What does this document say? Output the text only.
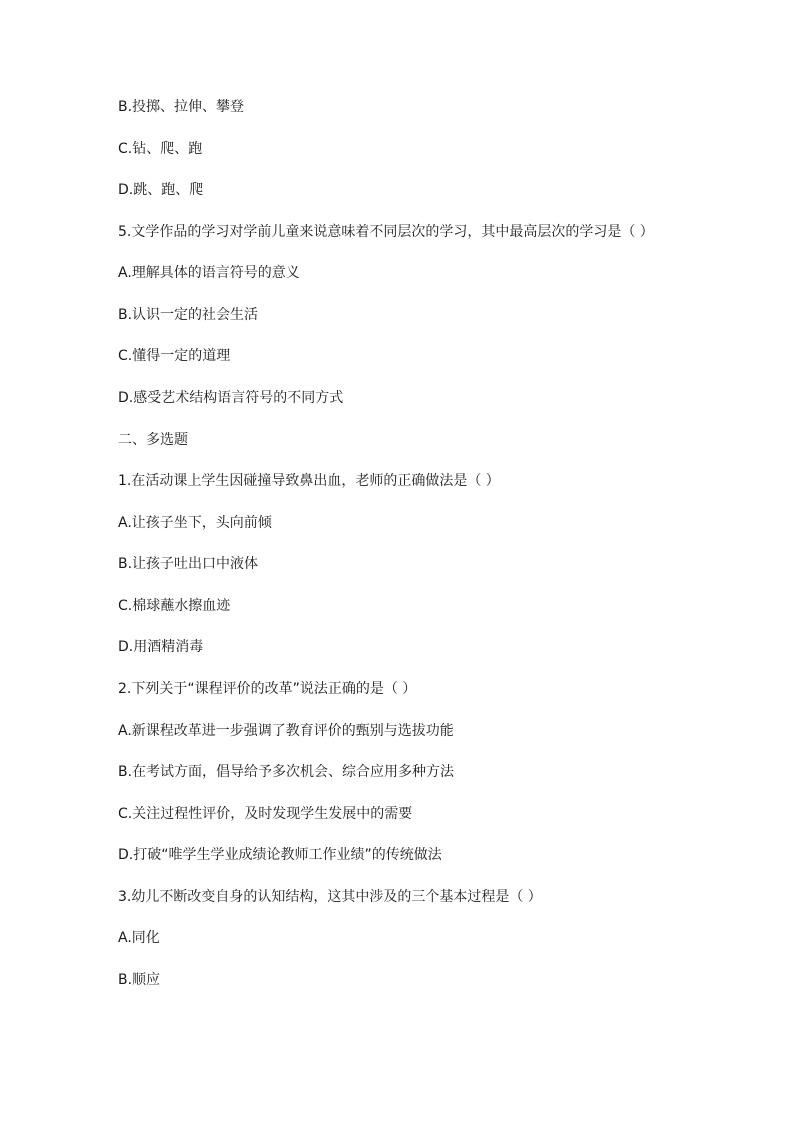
B.投掷、拉伸、攀登
C.钻、爬、跑
D.跳、跑、爬
5.文学作品的学习对学前儿童来说意味着不同层次的学习，其中最高层次的学习是（ ）
A.理解具体的语言符号的意义
B.认识一定的社会生活
C.懂得一定的道理
D.感受艺术结构语言符号的不同方式
二、多选题
1.在活动课上学生因碰撞导致鼻出血，老师的正确做法是（ ）
A.让孩子坐下，头向前倾
B.让孩子吐出口中液体
C.棉球蘸水擦血迹
D.用酒精消毒
2.下列关于“课程评价的改革”说法正确的是（ ）
A.新课程改革进一步强调了教育评价的甄别与选拔功能
B.在考试方面，倡导给予多次机会、综合应用多种方法
C.关注过程性评价，及时发现学生发展中的需要
D.打破“唯学生学业成绩论教师工作业绩”的传统做法
3.幼儿不断改变自身的认知结构，这其中涉及的三个基本过程是（ ）
A.同化
B.顺应
